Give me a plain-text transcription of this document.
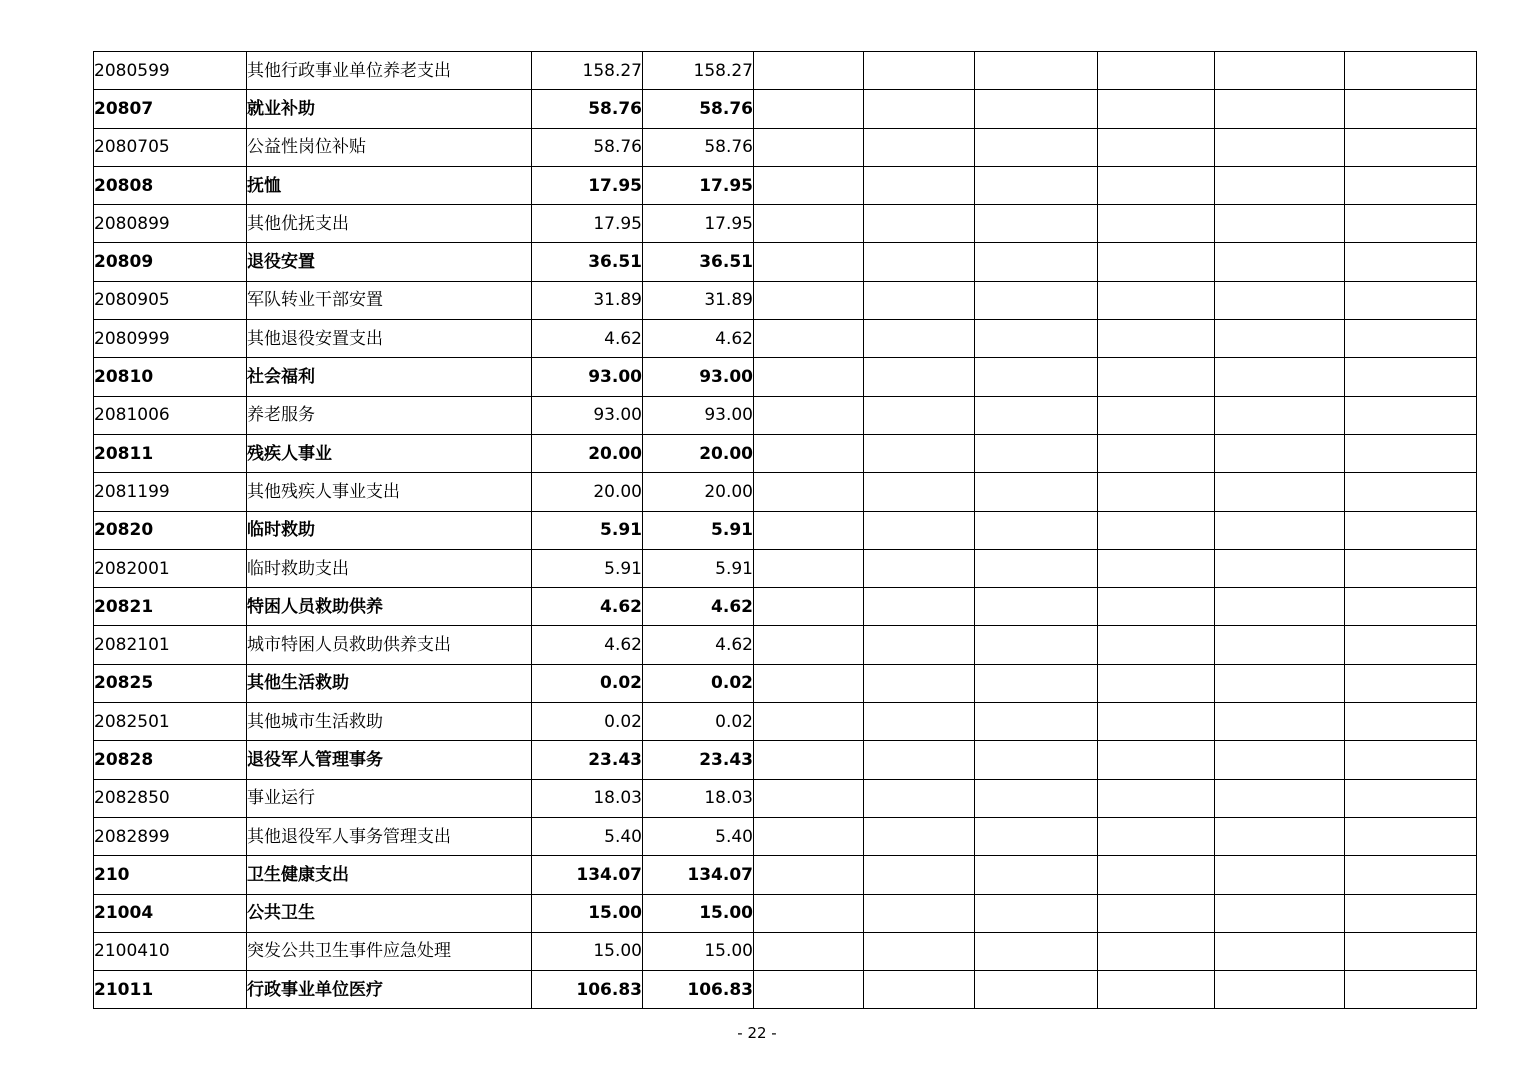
2080599	其他行政事业单位养老支出	158.27	158.27						
20807	就业补助	58.76	58.76						
2080705	公益性岗位补贴	58.76	58.76						
20808	抚恤	17.95	17.95						
2080899	其他优抚支出	17.95	17.95						
20809	退役安置	36.51	36.51						
2080905	军队转业干部安置	31.89	31.89						
2080999	其他退役安置支出	4.62	4.62						
20810	社会福利	93.00	93.00						
2081006	养老服务	93.00	93.00						
20811	残疾人事业	20.00	20.00						
2081199	其他残疾人事业支出	20.00	20.00						
20820	临时救助	5.91	5.91						
2082001	临时救助支出	5.91	5.91						
20821	特困人员救助供养	4.62	4.62						
2082101	城市特困人员救助供养支出	4.62	4.62						
20825	其他生活救助	0.02	0.02						
2082501	其他城市生活救助	0.02	0.02						
20828	退役军人管理事务	23.43	23.43						
2082850	事业运行	18.03	18.03						
2082899	其他退役军人事务管理支出	5.40	5.40						
210	卫生健康支出	134.07	134.07						
21004	公共卫生	15.00	15.00						
2100410	突发公共卫生事件应急处理	15.00	15.00						
21011	行政事业单位医疗	106.83	106.83						
- 22 -
